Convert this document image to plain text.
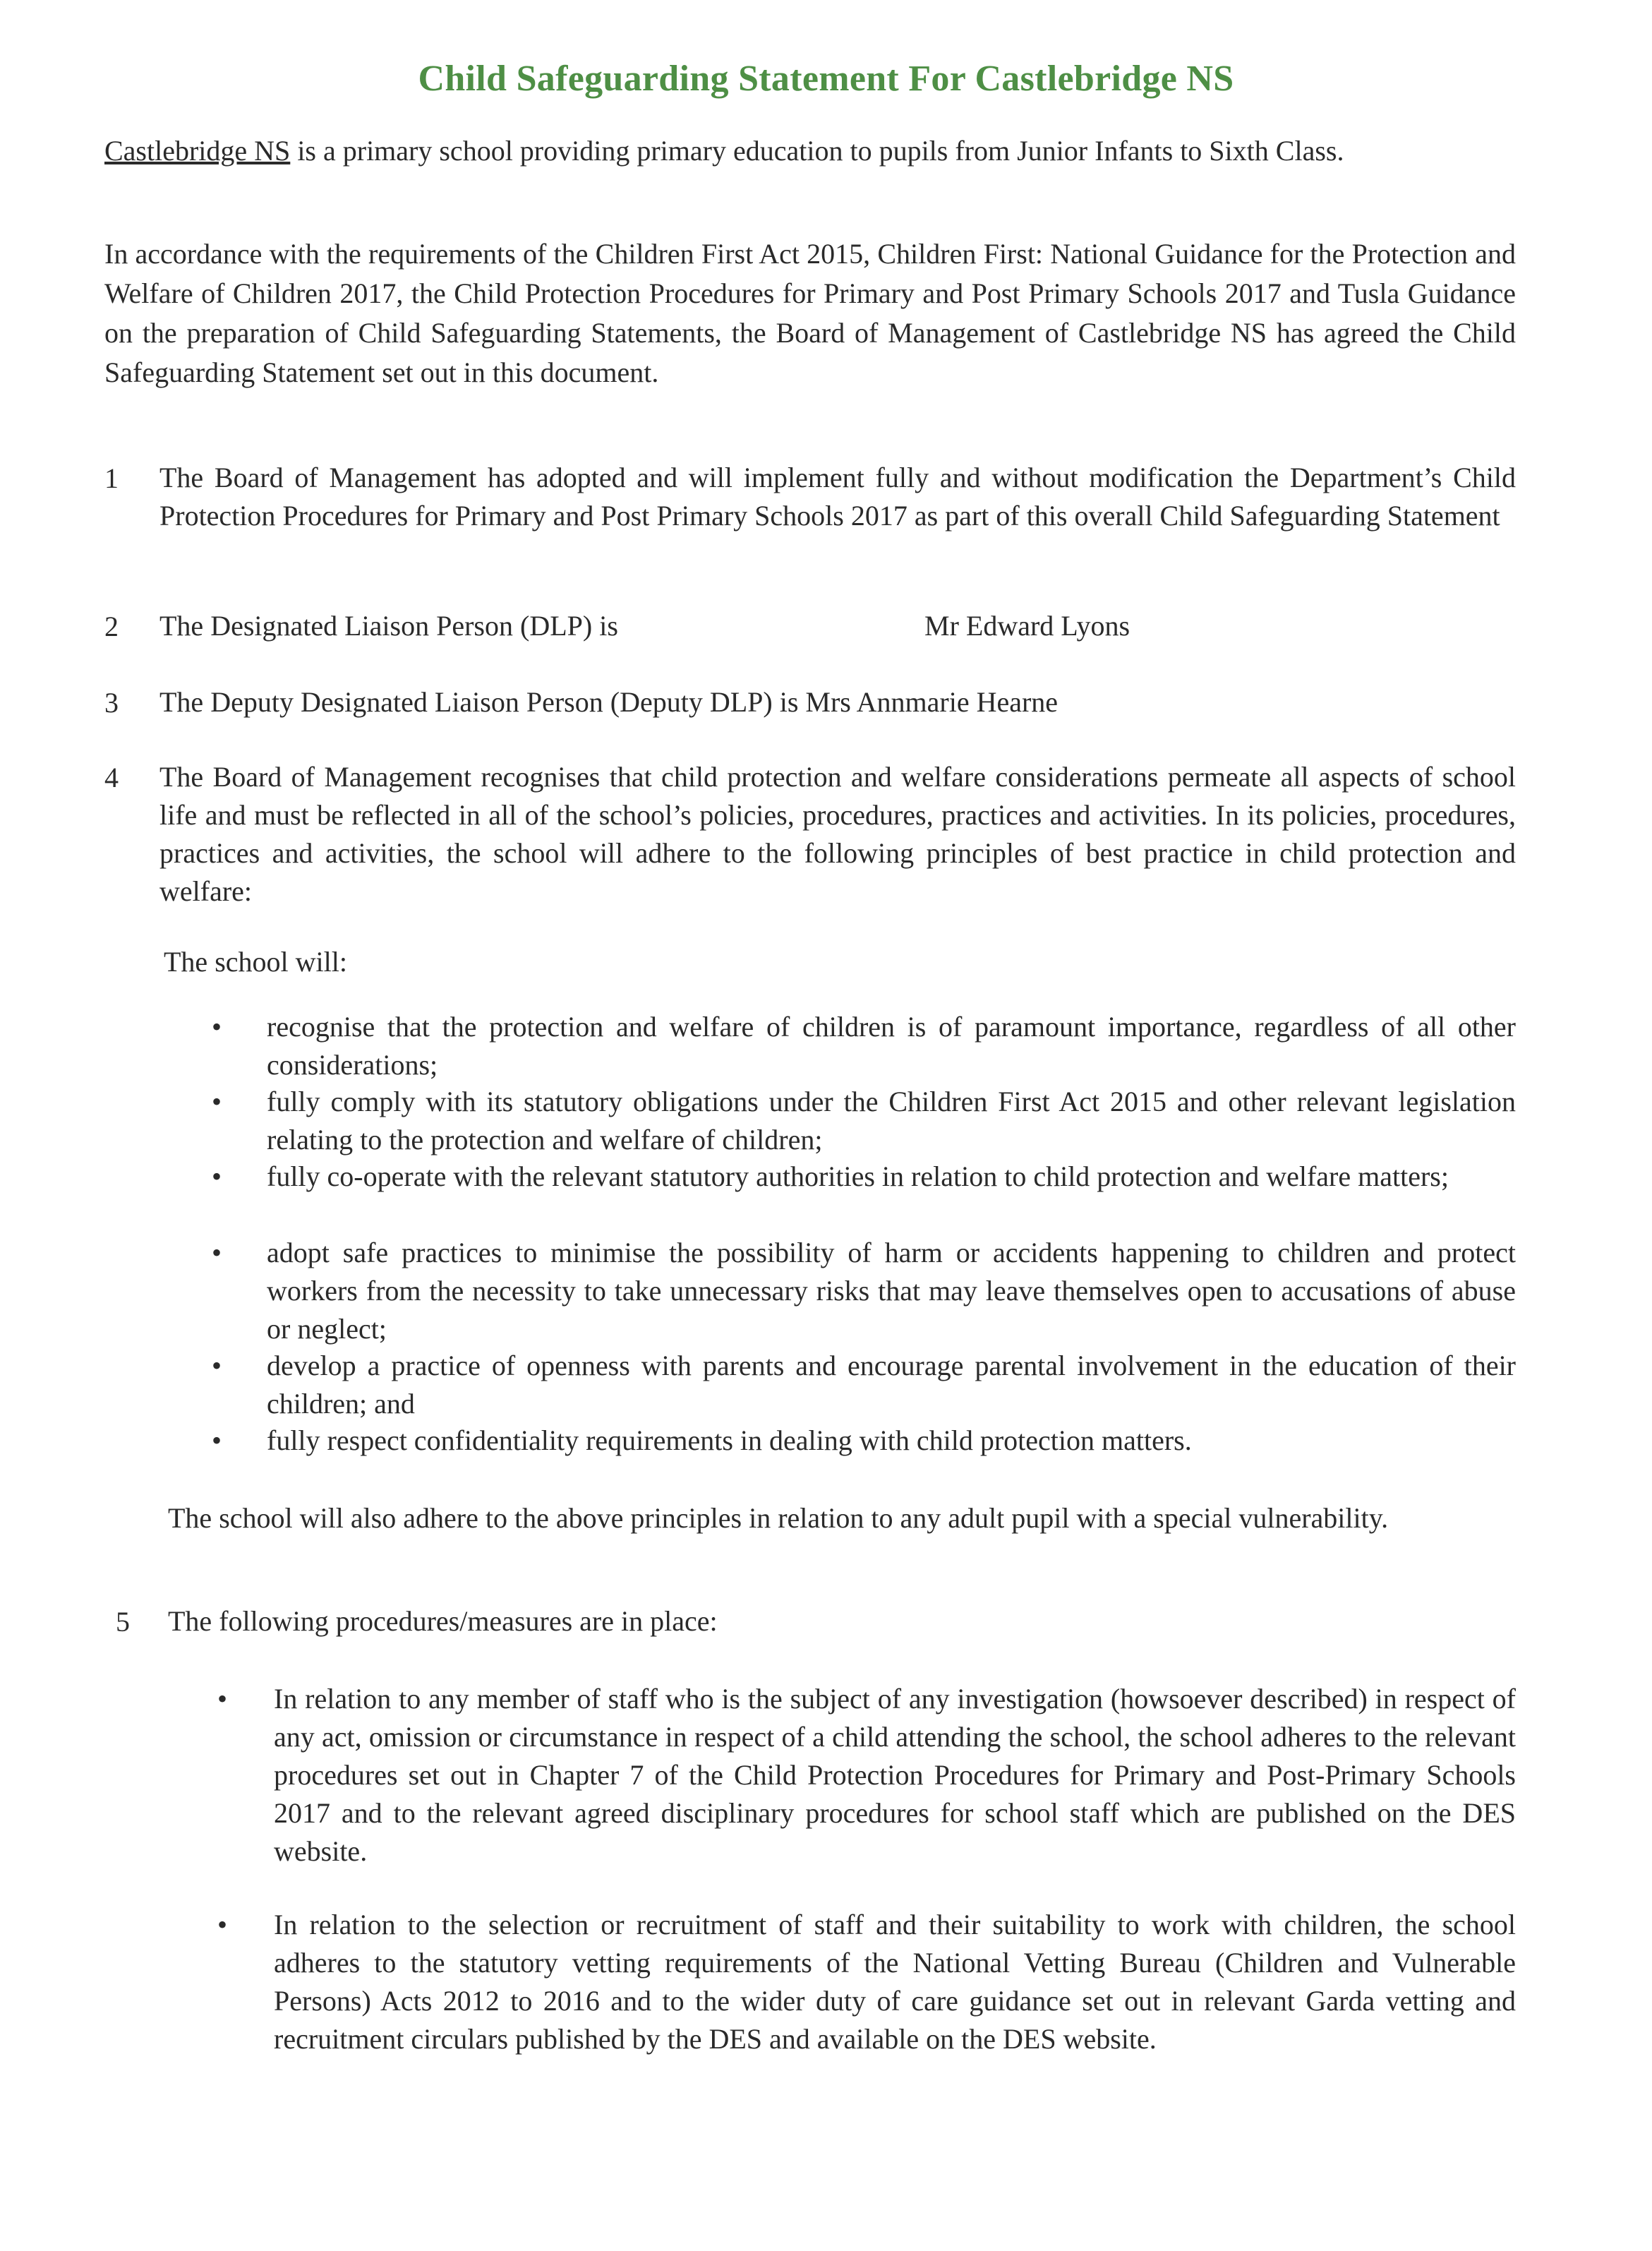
Child Safeguarding Statement For Castlebridge NS
Castlebridge NS is a primary school providing primary education to pupils from Junior Infants to Sixth Class.
In accordance with the requirements of the Children First Act 2015, Children First: National Guidance for the Protection and Welfare of Children 2017, the Child Protection Procedures for Primary and Post Primary Schools 2017 and Tusla Guidance on the preparation of Child Safeguarding Statements, the Board of Management of Castlebridge NS has agreed the Child Safeguarding Statement set out in this document.
1 The Board of Management has adopted and will implement fully and without modification the Department’s Child Protection Procedures for Primary and Post Primary Schools 2017 as part of this overall Child Safeguarding Statement
2 The Designated Liaison Person (DLP) is	Mr Edward Lyons
3 The Deputy Designated Liaison Person (Deputy DLP) is Mrs Annmarie Hearne
4 The Board of Management recognises that child protection and welfare considerations permeate all aspects of school life and must be reflected in all of the school’s policies, procedures, practices and activities. In its policies, procedures, practices and activities, the school will adhere to the following principles of best practice in child protection and welfare:
The school will:
• recognise that the protection and welfare of children is of paramount importance, regardless of all other considerations;
• fully comply with its statutory obligations under the Children First Act 2015 and other relevant legislation relating to the protection and welfare of children;
• fully co-operate with the relevant statutory authorities in relation to child protection and welfare matters;
• adopt safe practices to minimise the possibility of harm or accidents happening to children and protect workers from the necessity to take unnecessary risks that may leave themselves open to accusations of abuse or neglect;
• develop a practice of openness with parents and encourage parental involvement in the education of their children; and
• fully respect confidentiality requirements in dealing with child protection matters.
The school will also adhere to the above principles in relation to any adult pupil with a special vulnerability.
5 The following procedures/measures are in place:
• In relation to any member of staff who is the subject of any investigation (howsoever described) in respect of any act, omission or circumstance in respect of a child attending the school, the school adheres to the relevant procedures set out in Chapter 7 of the Child Protection Procedures for Primary and Post-Primary Schools 2017 and to the relevant agreed disciplinary procedures for school staff which are published on the DES website.
• In relation to the selection or recruitment of staff and their suitability to work with children, the school adheres to the statutory vetting requirements of the National Vetting Bureau (Children and Vulnerable Persons) Acts 2012 to 2016 and to the wider duty of care guidance set out in relevant Garda vetting and recruitment circulars published by the DES and available on the DES website.
